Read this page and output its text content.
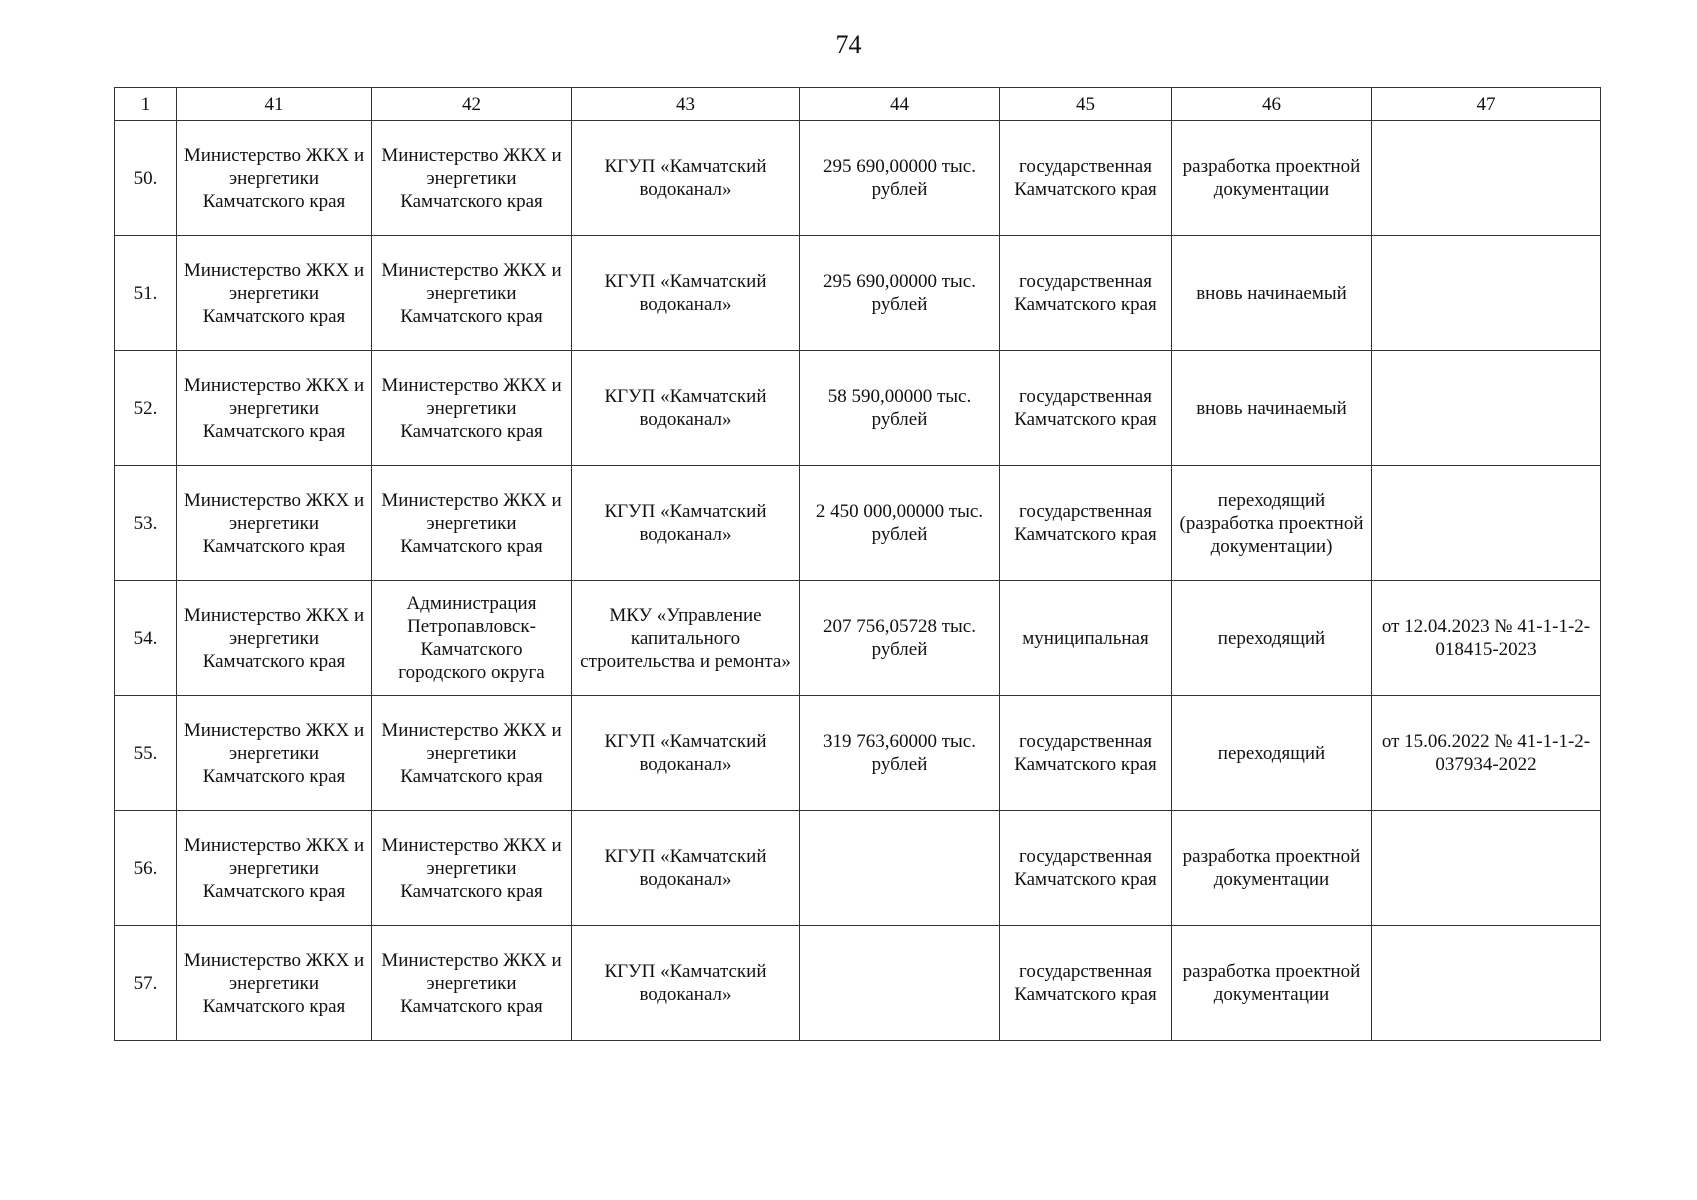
74
1	41	42	43	44	45	46	47
50.	Министерство ЖКХ и энергетики Камчатского края	Министерство ЖКХ и энергетики Камчатского края	КГУП «Камчатский водоканал»	295 690,00000 тыс. рублей	государственная Камчатского края	разработка проектной документации	
51.	Министерство ЖКХ и энергетики Камчатского края	Министерство ЖКХ и энергетики Камчатского края	КГУП «Камчатский водоканал»	295 690,00000 тыс. рублей	государственная Камчатского края	вновь начинаемый	
52.	Министерство ЖКХ и энергетики Камчатского края	Министерство ЖКХ и энергетики Камчатского края	КГУП «Камчатский водоканал»	58 590,00000 тыс. рублей	государственная Камчатского края	вновь начинаемый	
53.	Министерство ЖКХ и энергетики Камчатского края	Министерство ЖКХ и энергетики Камчатского края	КГУП «Камчатский водоканал»	2 450 000,00000 тыс. рублей	государственная Камчатского края	переходящий (разработка проектной документации)	
54.	Министерство ЖКХ и энергетики Камчатского края	Администрация Петропавловск-Камчатского городского округа	МКУ «Управление капитального строительства и ремонта»	207 756,05728 тыс. рублей	муниципальная	переходящий	от 12.04.2023 № 41-1-1-2-018415-2023
55.	Министерство ЖКХ и энергетики Камчатского края	Министерство ЖКХ и энергетики Камчатского края	КГУП «Камчатский водоканал»	319 763,60000 тыс. рублей	государственная Камчатского края	переходящий	от 15.06.2022 № 41-1-1-2-037934-2022
56.	Министерство ЖКХ и энергетики Камчатского края	Министерство ЖКХ и энергетики Камчатского края	КГУП «Камчатский водоканал»		государственная Камчатского края	разработка проектной документации	
57.	Министерство ЖКХ и энергетики Камчатского края	Министерство ЖКХ и энергетики Камчатского края	КГУП «Камчатский водоканал»		государственная Камчатского края	разработка проектной документации	
